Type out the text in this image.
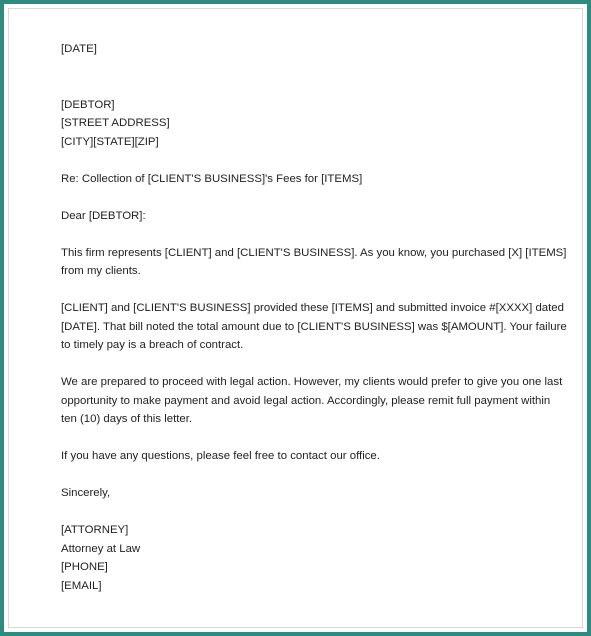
[DATE]

[DEBTOR]
[STREET ADDRESS]
[CITY][STATE][ZIP]

Re: Collection of [CLIENT'S BUSINESS]'s Fees for [ITEMS]

Dear [DEBTOR]:

This firm represents [CLIENT] and [CLIENT'S BUSINESS]. As you know, you purchased [X] [ITEMS]
from my clients.
[CLIENT] and [CLIENT'S BUSINESS] provided these [ITEMS] and submitted invoice #[XXXX] dated
[DATE]. That bill noted the total amount due to [CLIENT'S BUSINESS] was $[AMOUNT]. Your failure
to timely pay is a breach of contract.
We are prepared to proceed with legal action. However, my clients would prefer to give you one last
opportunity to make payment and avoid legal action. Accordingly, please remit full payment within
ten (10) days of this letter.
If you have any questions, please feel free to contact our office.

Sincerely,

[ATTORNEY]
Attorney at Law
[PHONE]
[EMAIL]
